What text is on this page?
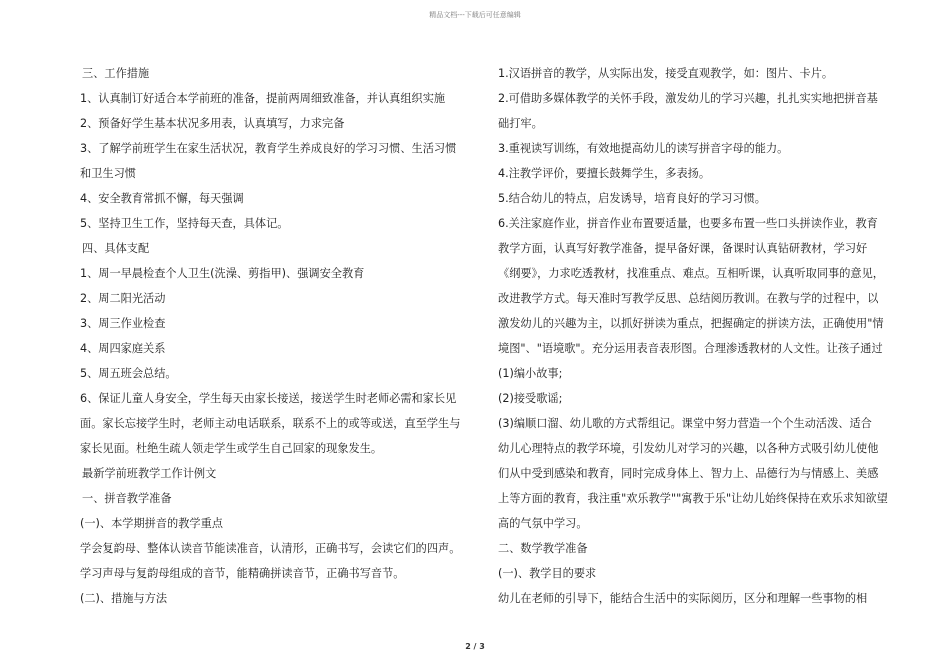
精品文档---下载后可任意编辑
三、工作措施
1、认真制订好适合本学前班的准备，提前两周细致准备，并认真组织实施
2、预备好学生基本状况多用表，认真填写，力求完备
3、了解学前班学生在家生活状况，教育学生养成良好的学习习惯、生活习惯
和卫生习惯
4、安全教育常抓不懈，每天强调
5、坚持卫生工作，坚持每天查，具体记。
四、具体支配
1、周一早晨检查个人卫生(洗澡、剪指甲)、强调安全教育
2、周二阳光活动
3、周三作业检查
4、周四家庭关系
5、周五班会总结。
6、保证儿童人身安全，学生每天由家长接送，接送学生时老师必需和家长见
面。家长忘接学生时，老师主动电话联系，联系不上的或等或送，直至学生与
家长见面。杜绝生疏人领走学生或学生自己回家的现象发生。
最新学前班教学工作计例文
一、拼音教学准备
(一)、本学期拼音的教学重点
学会复韵母、整体认读音节能读准音，认清形，正确书写，会读它们的四声。
学习声母与复韵母组成的音节，能精确拼读音节，正确书写音节。
(二)、措施与方法
1.汉语拼音的教学，从实际出发，接受直观教学，如：图片、卡片。
2.可借助多媒体教学的关怀手段，激发幼儿的学习兴趣，扎扎实实地把拼音基
础打牢。
3.重视读写训练，有效地提高幼儿的读写拼音字母的能力。
4.注教学评价，要擅长鼓舞学生，多表扬。
5.结合幼儿的特点，启发诱导，培育良好的学习习惯。
6.关注家庭作业，拼音作业布置要适量，也要多布置一些口头拼读作业，教育
教学方面，认真写好教学准备，提早备好课，备课时认真钻研教材，学习好
《纲要》，力求吃透教材，找准重点、难点。互相听课，认真听取同事的意见，
改进教学方式。每天准时写教学反思、总结阅历教训。在教与学的过程中，以
激发幼儿的兴趣为主，以抓好拼读为重点，把握确定的拼读方法，正确使用"情
境图"、"语境歌"。充分运用表音表形图。合理渗透教材的人文性。让孩子通过
(1)编小故事;
(2)接受歌谣;
(3)编顺口溜、幼儿歌的方式帮组记。课堂中努力营造一个个生动活泼、适合
幼儿心理特点的教学环境，引发幼儿对学习的兴趣，以各种方式吸引幼儿使他
们从中受到感染和教育，同时完成身体上、智力上、品德行为与情感上、美感
上等方面的教育，我注重"欢乐教学""寓教于乐"让幼儿始终保持在欢乐求知欲望
高的气氛中学习。
二、数学教学准备
(一)、教学目的要求
幼儿在老师的引导下，能结合生活中的实际阅历，区分和理解一些事物的相
2 / 3
